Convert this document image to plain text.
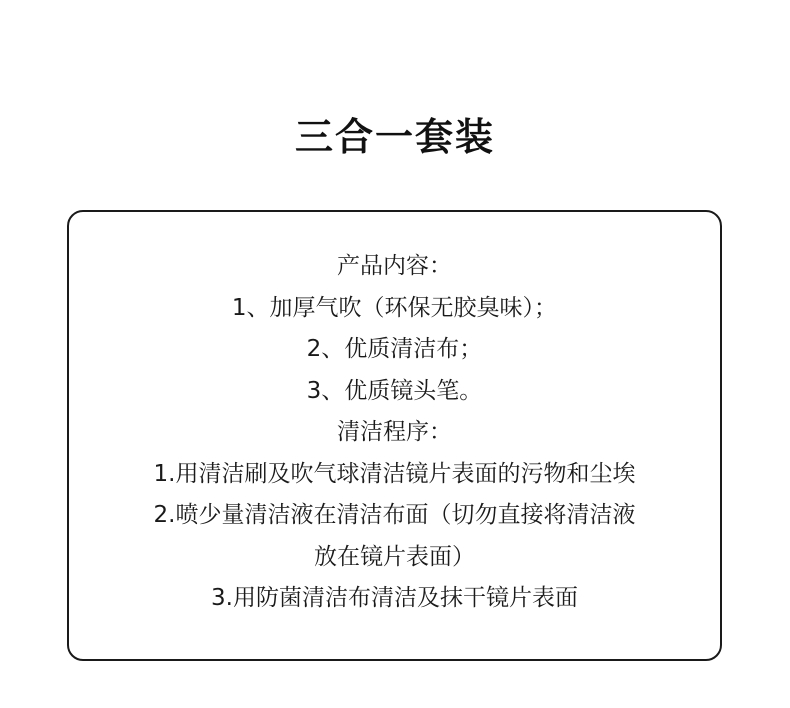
三合一套装
产品内容：
1、加厚气吹（环保无胶臭味）；
2、优质清洁布；
3、优质镜头笔。
清洁程序：
1.用清洁刷及吹气球清洁镜片表面的污物和尘埃
2.喷少量清洁液在清洁布面（切勿直接将清洁液
放在镜片表面）
3.用防菌清洁布清洁及抹干镜片表面
